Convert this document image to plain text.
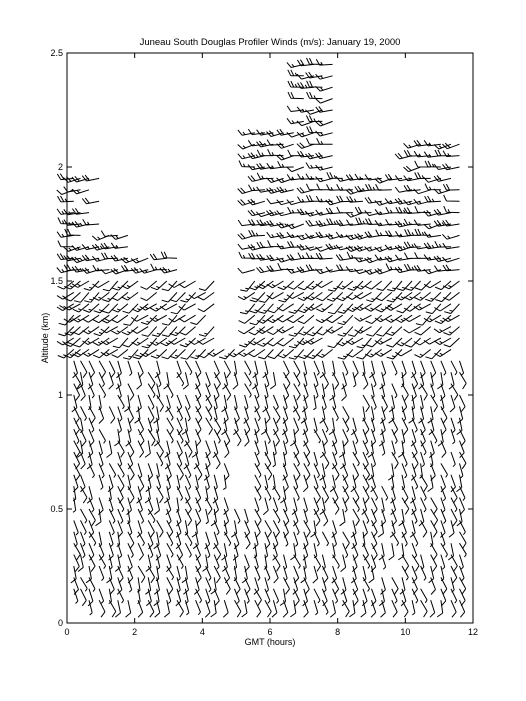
Juneau South Douglas Profiler Winds (m/s): January 19, 2000
0	2	4	6	8	10	12
0
0.5
1
1.5
2
2.5
GMT (hours)
Altitude (km)
